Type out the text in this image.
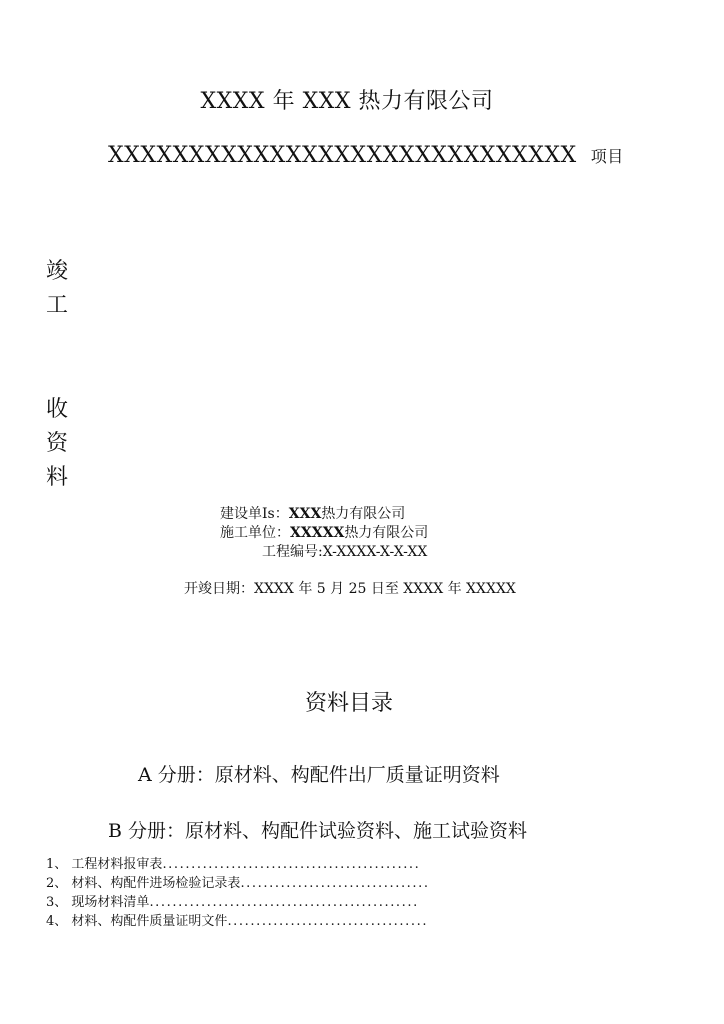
XXXX 年 XXX 热力有限公司
XXXXXXXXXXXXXXXXXXXXXXXXXXXXX 项目
竣
工
收
资
料
建设单Is：XXX热力有限公司
施工单位：XXXXX热力有限公司
工程编号:X-XXXX-X-X-XX
开竣日期：XXXX 年 5 月 25 日至 XXXX 年 XXXXX
资料目录
A 分册：原材料、构配件出厂质量证明资料
B 分册：原材料、构配件试验资料、施工试验资料
1、 工程材料报审表.............................................
2、 材料、构配件进场检验记录表.................................
3、 现场材料清单...............................................
4、 材料、构配件质量证明文件...................................
